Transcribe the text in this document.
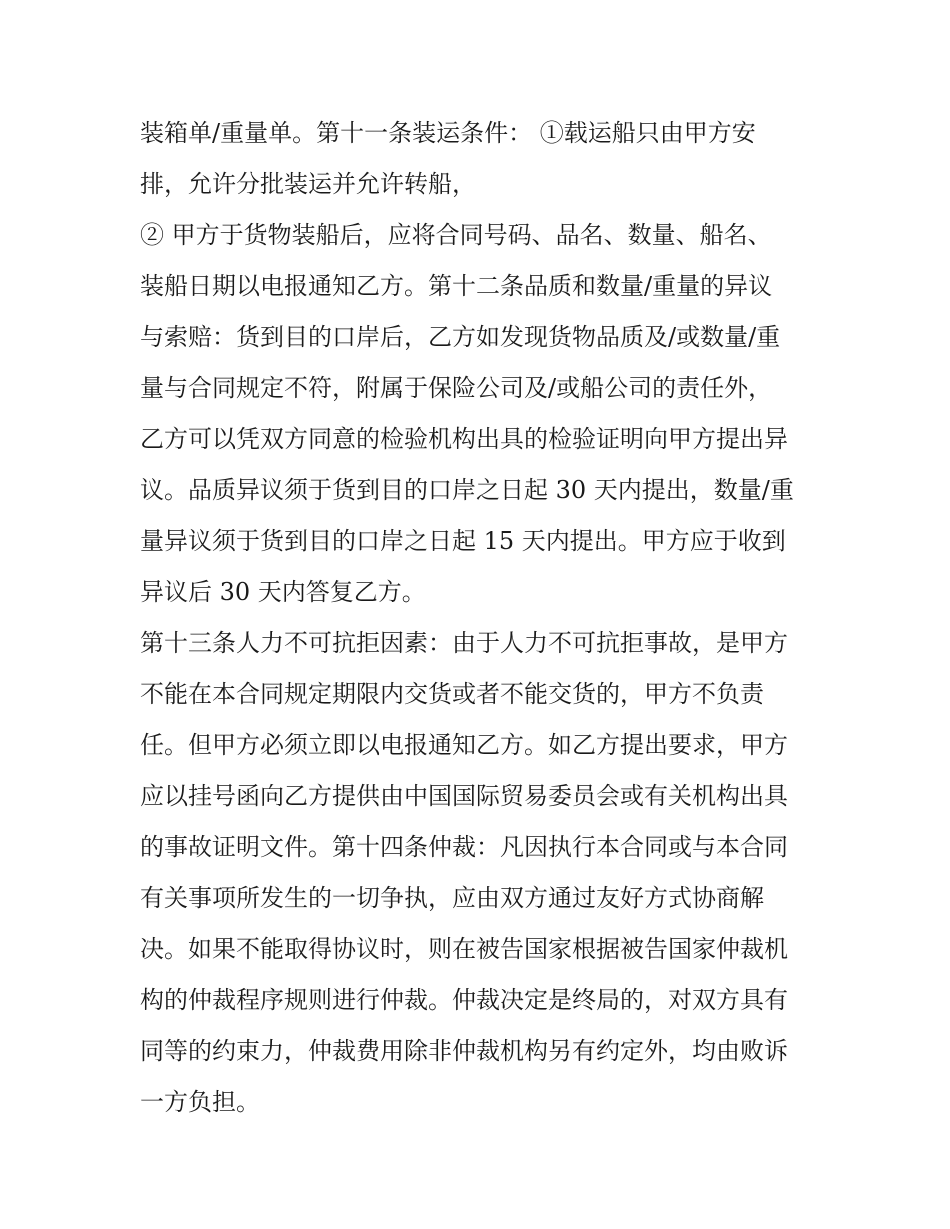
装箱单/重量单。第十一条装运条件： ①载运船只由甲方安
排，允许分批装运并允许转船，
② 甲方于货物装船后，应将合同号码、品名、数量、船名、
装船日期以电报通知乙方。第十二条品质和数量/重量的异议
与索赔：货到目的口岸后，乙方如发现货物品质及/或数量/重
量与合同规定不符，附属于保险公司及/或船公司的责任外，
乙方可以凭双方同意的检验机构出具的检验证明向甲方提出异
议。品质异议须于货到目的口岸之日起 30 天内提出，数量/重
量异议须于货到目的口岸之日起 15 天内提出。甲方应于收到
异议后 30 天内答复乙方。
第十三条人力不可抗拒因素：由于人力不可抗拒事故，是甲方
不能在本合同规定期限内交货或者不能交货的，甲方不负责
任。但甲方必须立即以电报通知乙方。如乙方提出要求，甲方
应以挂号函向乙方提供由中国国际贸易委员会或有关机构出具
的事故证明文件。第十四条仲裁：凡因执行本合同或与本合同
有关事项所发生的一切争执，应由双方通过友好方式协商解
决。如果不能取得协议时，则在被告国家根据被告国家仲裁机
构的仲裁程序规则进行仲裁。仲裁决定是终局的，对双方具有
同等的约束力，仲裁费用除非仲裁机构另有约定外，均由败诉
一方负担。
